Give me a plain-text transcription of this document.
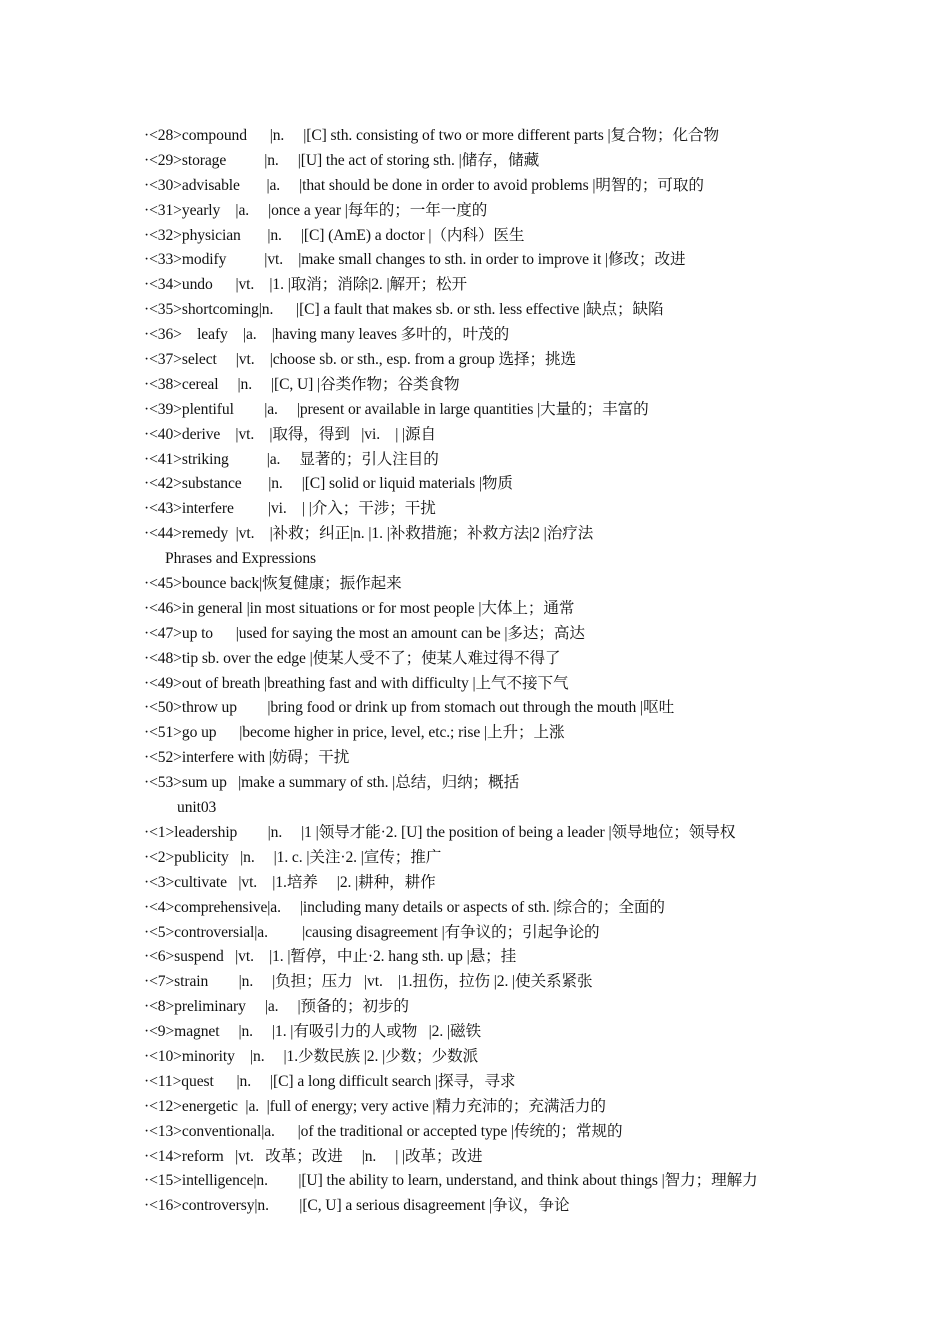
·<28>compound      |n.     |[C] sth. consisting of two or more different parts |复合物；化合物
·<29>storage          |n.     |[U] the act of storing sth. |储存，储藏
·<30>advisable       |a.     |that should be done in order to avoid problems |明智的；可取的
·<31>yearly    |a.     |once a year |每年的；一年一度的
·<32>physician       |n.     |[C] (AmE) a doctor |（内科）医生
·<33>modify          |vt.    |make small changes to sth. in order to improve it |修改；改进
·<34>undo      |vt.    |1. |取消；消除|2. |解开；松开
·<35>shortcoming|n.      |[C] a fault that makes sb. or sth. less effective |缺点；缺陷
·<36>    leafy    |a.    |having many leaves 多叶的，叶茂的
·<37>select     |vt.    |choose sb. or sth., esp. from a group 选择；挑选
·<38>cereal     |n.     |[C, U] |谷类作物；谷类食物
·<39>plentiful        |a.     |present or available in large quantities |大量的；丰富的
·<40>derive    |vt.    |取得，得到   |vi.    | |源自
·<41>striking          |a.     显著的；引人注目的
·<42>substance       |n.     |[C] solid or liquid materials |物质
·<43>interfere         |vi.    | |介入；干涉；干扰
·<44>remedy  |vt.    |补救；纠正|n. |1. |补救措施；补救方法|2 |治疗法
Phrases and Expressions
·<45>bounce back|恢复健康；振作起来
·<46>in general |in most situations or for most people |大体上；通常
·<47>up to      |used for saying the most an amount can be |多达；高达
·<48>tip sb. over the edge |使某人受不了；使某人难过得不得了
·<49>out of breath |breathing fast and with difficulty |上气不接下气
·<50>throw up        |bring food or drink up from stomach out through the mouth |呕吐
·<51>go up      |become higher in price, level, etc.; rise |上升；上涨
·<52>interfere with |妨碍；干扰
·<53>sum up   |make a summary of sth. |总结，归纳；概括
unit03
·<1>leadership        |n.     |1 |领导才能·2. [U] the position of being a leader |领导地位；领导权
·<2>publicity   |n.     |1. c. |关注·2. |宣传；推广
·<3>cultivate   |vt.    |1.培养     |2. |耕种，耕作
·<4>comprehensive|a.     |including many details or aspects of sth. |综合的；全面的
·<5>controversial|a.         |causing disagreement |有争议的；引起争论的
·<6>suspend   |vt.    |1. |暂停，中止·2. hang sth. up |悬；挂
·<7>strain        |n.     |负担；压力   |vt.    |1.扭伤，拉伤 |2. |使关系紧张
·<8>preliminary     |a.     |预备的；初步的
·<9>magnet     |n.     |1. |有吸引力的人或物   |2. |磁铁
·<10>minority    |n.     |1.少数民族 |2. |少数；少数派
·<11>quest      |n.     |[C] a long difficult search |探寻，寻求
·<12>energetic  |a.  |full of energy; very active |精力充沛的；充满活力的
·<13>conventional|a.      |of the traditional or accepted type |传统的；常规的
·<14>reform   |vt.   改革；改进     |n.     | |改革；改进
·<15>intelligence|n.        |[U] the ability to learn, understand, and think about things |智力；理解力
·<16>controversy|n.        |[C, U] a serious disagreement |争议，争论
